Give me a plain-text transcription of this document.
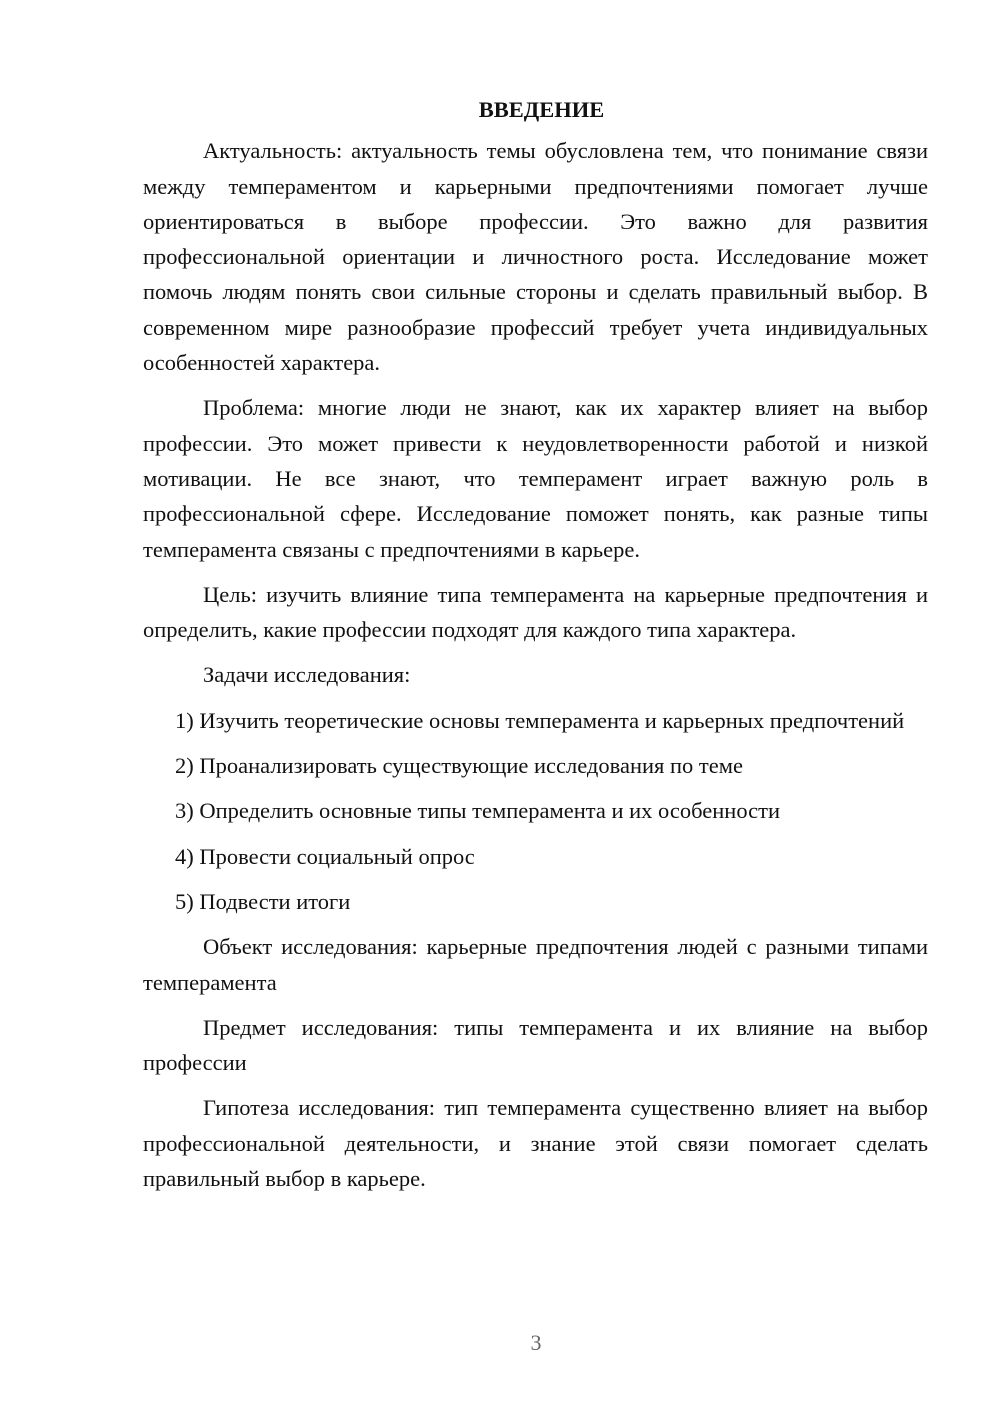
ВВЕДЕНИЕ

Актуальность: актуальность темы обусловлена тем, что понимание связи между темпераментом и карьерными предпочтениями помогает лучше ориентироваться в выборе профессии. Это важно для развития профессиональной ориентации и личностного роста. Исследование может помочь людям понять свои сильные стороны и сделать правильный выбор. В современном мире разнообразие профессий требует учета индивидуальных особенностей характера.

Проблема: многие люди не знают, как их характер влияет на выбор профессии. Это может привести к неудовлетворенности работой и низкой мотивации. Не все знают, что темперамент играет важную роль в профессиональной сфере. Исследование поможет понять, как разные типы темперамента связаны с предпочтениями в карьере.

Цель: изучить влияние типа темперамента на карьерные предпочтения и определить, какие профессии подходят для каждого типа характера.

Задачи исследования:

1) Изучить теоретические основы темперамента и карьерных предпочтений

2) Проанализировать существующие исследования по теме

3) Определить основные типы темперамента и их особенности

4) Провести социальный опрос

5) Подвести итоги

Объект исследования: карьерные предпочтения людей с разными типами темперамента

Предмет исследования: типы темперамента и их влияние на выбор профессии

Гипотеза исследования: тип темперамента существенно влияет на выбор профессиональной деятельности, и знание этой связи помогает сделать правильный выбор в карьере.

3
